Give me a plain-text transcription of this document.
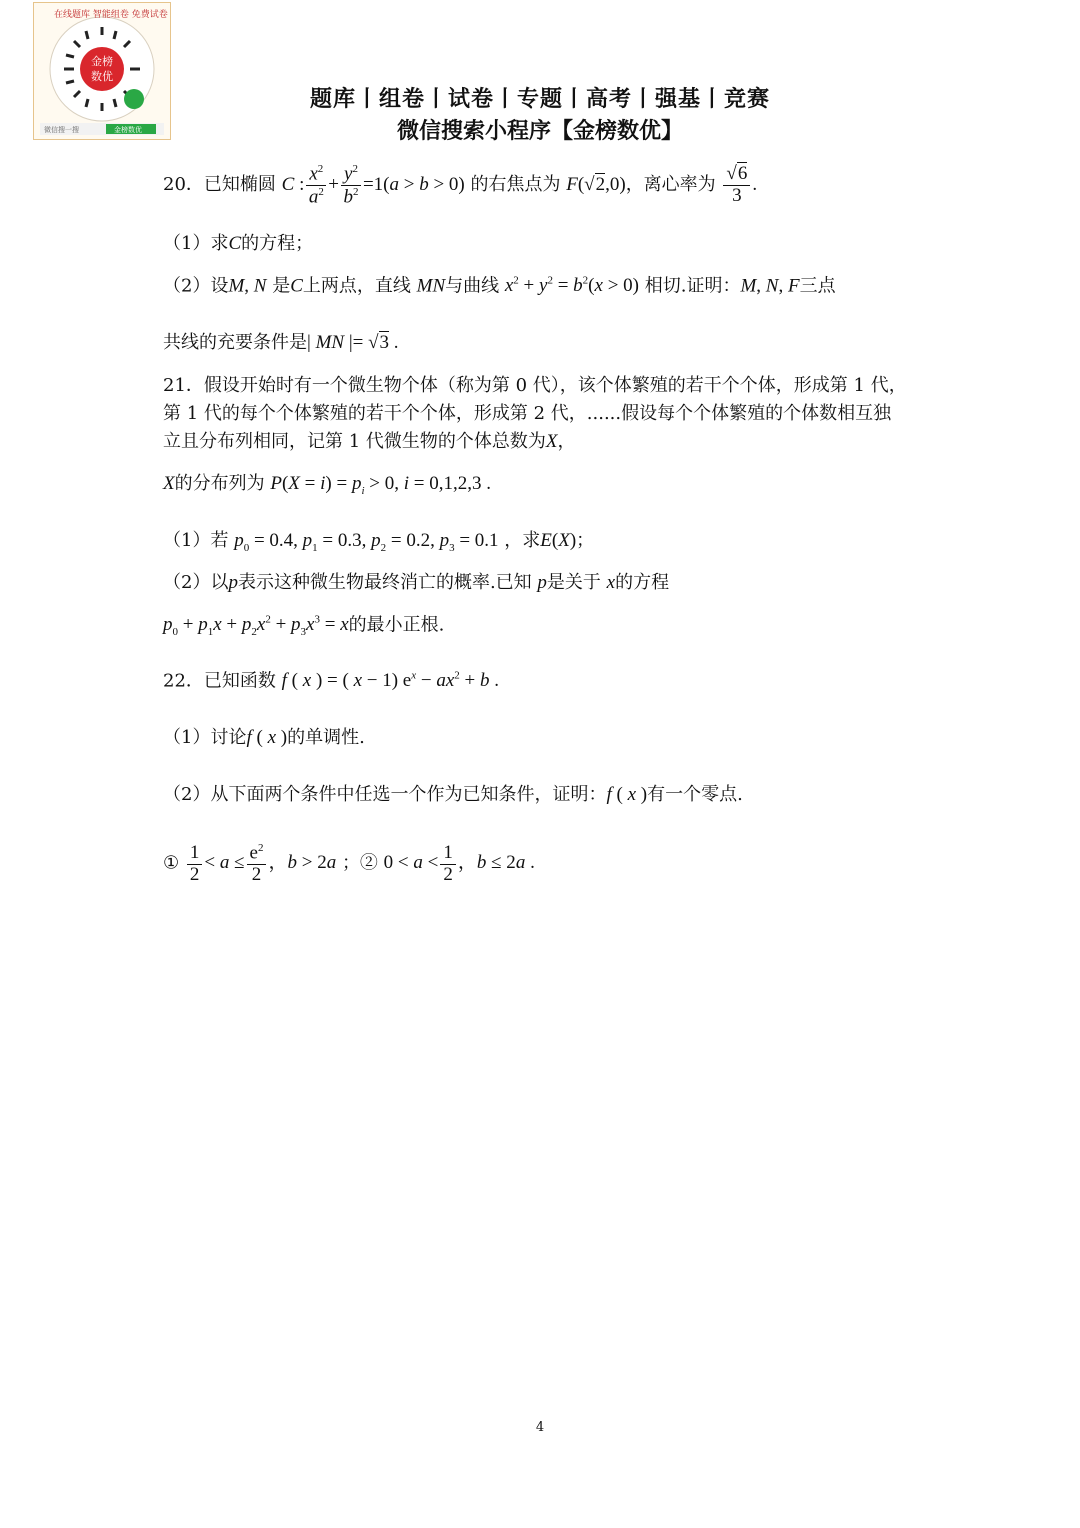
金榜
数优
在线题库 智能组卷 免费试卷
微信搜一搜	金榜数优
题库丨组卷丨试卷丨专题丨高考丨强基丨竞赛
微信搜索小程序【金榜数优】
20．已知椭圆 C : $\frac{x^2}{a^2} + \frac{y^2}{b^2} =1(a > b > 0)$ 的右焦点为 F(√2,0)，离心率为 $\frac{√6}{3}$ .
（1）求C的方程；
（2）设M, N 是C上两点，直线 MN与曲线 $x^2 + y^2 = b^2(x > 0)$ 相切.证明：M, N, F三点
共线的充要条件是| MN |= √3 .
21．假设开始时有一个微生物个体（称为第 0 代），该个体繁殖的若干个个体，形成第 1 代，
第 1 代的每个个体繁殖的若干个个体，形成第 2 代，......假设每个个体繁殖的个体数相互独
立且分布列相同，记第 1 代微生物的个体总数为X，
X的分布列为 $P(X = i) = p_i > 0$, i = 0,1,2,3 .
（1）若 $p_0 = 0.4$, $p_1 = 0.3$, $p_2 = 0.2$, $p_3 = 0.1$ ，求E(X)；
（2）以p表示这种微生物最终消亡的概率.已知 p是关于 x的方程
$p_0 + p_1x + p_2x^2 + p_3x^3 = x$的最小正根.
22．已知函数 f ( x ) = ( x − 1) $e^x - ax^2 + b$ .
（1）讨论f ( x )的单调性.
（2）从下面两个条件中任选一个作为已知条件，证明：f ( x )有一个零点.
① $\frac{1}{2} < a \le \frac{e^2}{2}$ ，b > 2a ；② $0 < a < \frac{1}{2}$ ，b ≤ 2a .
4
